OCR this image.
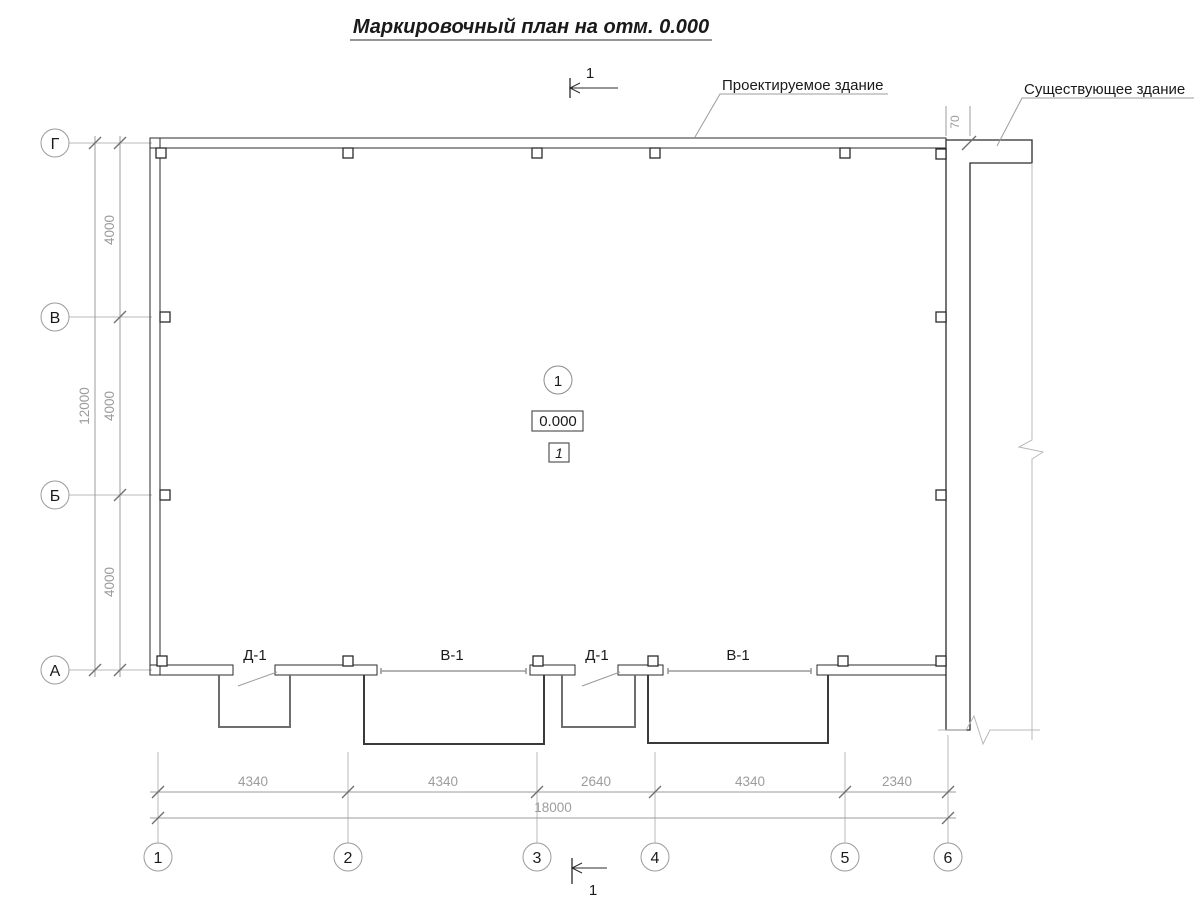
Маркировочный план на отм. 0.000
4000
4000
4000
12000
4340	4340	2640	4340	2340
18000
70
Д-1	В-1	Д-1	В-1
Г
В
Б
А
1	2	3	4	5	6
1
1
Проектируемое здание	Существующее здание
1
0.000
1
